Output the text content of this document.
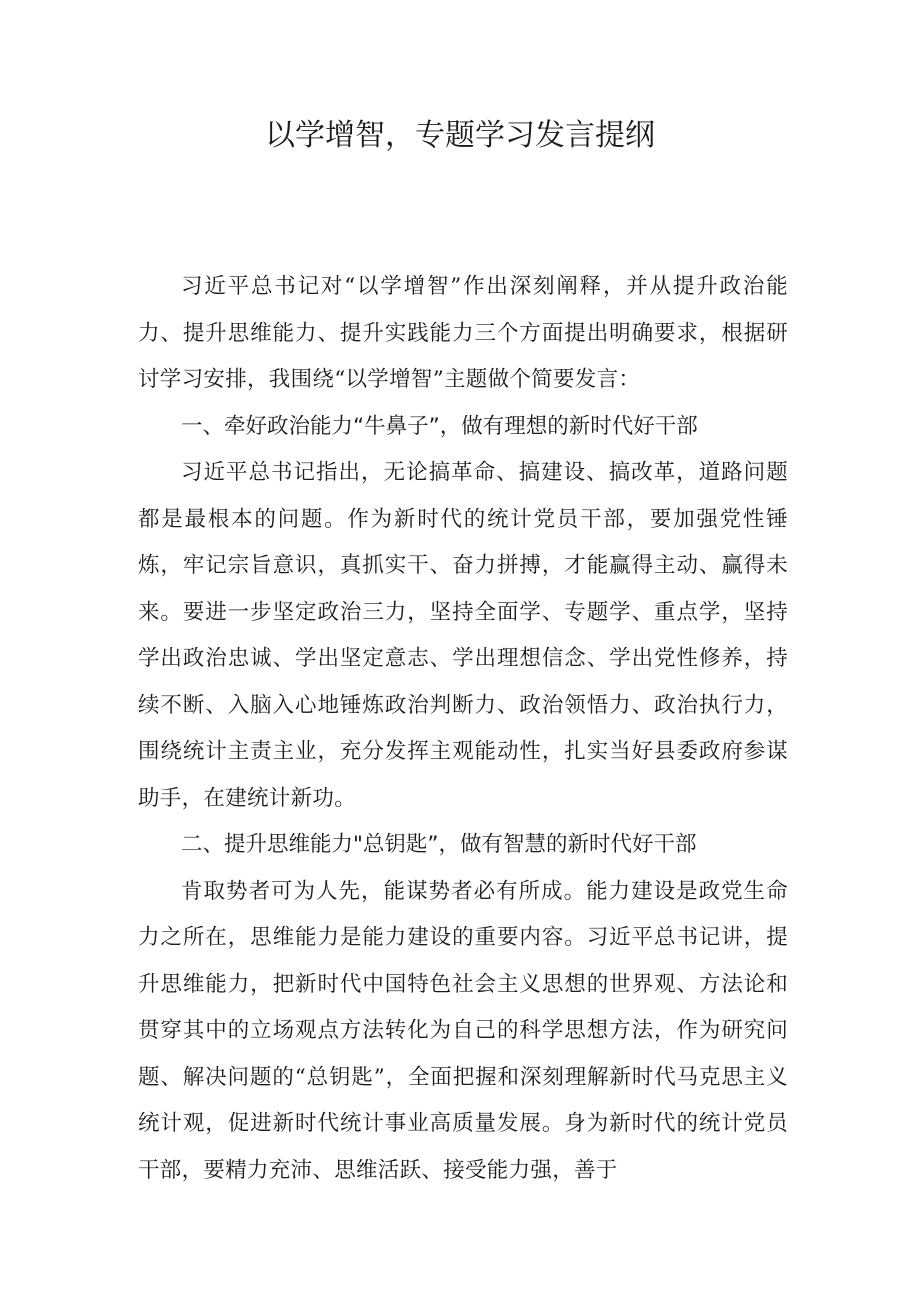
以学增智，专题学习发言提纲

习近平总书记对“以学增智”作出深刻阐释，并从提升政治能力、提升思维能力、提升实践能力三个方面提出明确要求，根据研讨学习安排，我围绕“以学增智”主题做个简要发言：

一、牵好政治能力“牛鼻子”，做有理想的新时代好干部

习近平总书记指出，无论搞革命、搞建设、搞改革，道路问题都是最根本的问题。作为新时代的统计党员干部，要加强党性锤炼，牢记宗旨意识，真抓实干、奋力拼搏，才能赢得主动、赢得未来。要进一步坚定政治三力，坚持全面学、专题学、重点学，坚持学出政治忠诚、学出坚定意志、学出理想信念、学出党性修养，持续不断、入脑入心地锤炼政治判断力、政治领悟力、政治执行力，围绕统计主责主业，充分发挥主观能动性，扎实当好县委政府参谋助手，在建统计新功。

二、提升思维能力"总钥匙”，做有智慧的新时代好干部

肯取势者可为人先，能谋势者必有所成。能力建设是政党生命力之所在，思维能力是能力建设的重要内容。习近平总书记讲，提升思维能力，把新时代中国特色社会主义思想的世界观、方法论和贯穿其中的立场观点方法转化为自己的科学思想方法，作为研究问题、解决问题的“总钥匙”，全面把握和深刻理解新时代马克思主义统计观，促进新时代统计事业高质量发展。身为新时代的统计党员干部，要精力充沛、思维活跃、接受能力强，善于
